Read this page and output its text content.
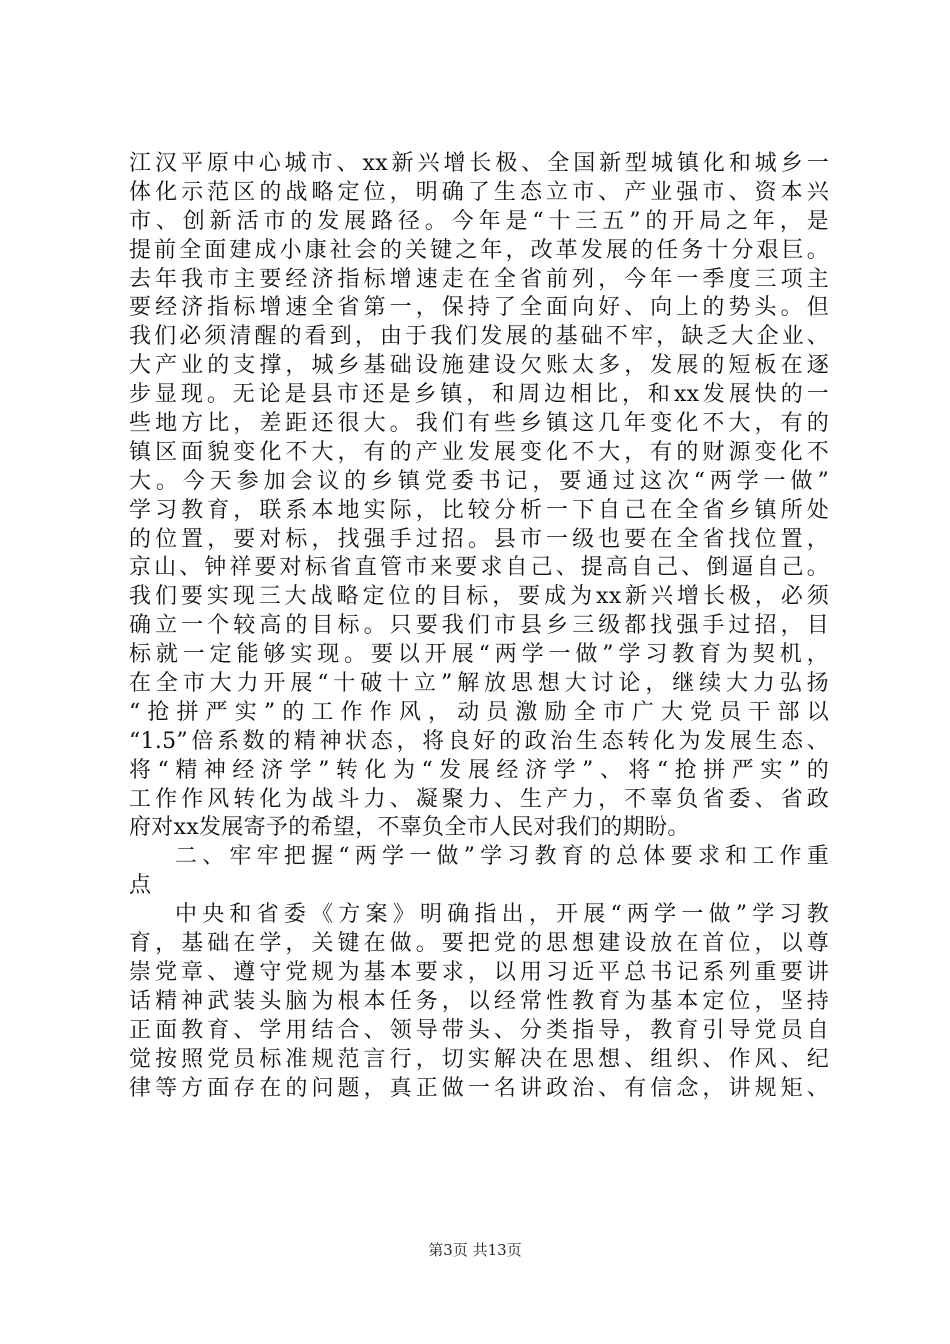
江汉平原中心城市、xx新兴增长极、全国新型城镇化和城乡一
体化示范区的战略定位，明确了生态立市、产业强市、资本兴
市、创新活市的发展路径。今年是“十三五”的开局之年，是
提前全面建成小康社会的关键之年，改革发展的任务十分艰巨。
去年我市主要经济指标增速走在全省前列，今年一季度三项主
要经济指标增速全省第一，保持了全面向好、向上的势头。但
我们必须清醒的看到，由于我们发展的基础不牢，缺乏大企业、
大产业的支撑，城乡基础设施建设欠账太多，发展的短板在逐
步显现。无论是县市还是乡镇，和周边相比，和xx发展快的一
些地方比，差距还很大。我们有些乡镇这几年变化不大，有的
镇区面貌变化不大，有的产业发展变化不大，有的财源变化不
大。今天参加会议的乡镇党委书记，要通过这次“两学一做”
学习教育，联系本地实际，比较分析一下自己在全省乡镇所处
的位置，要对标，找强手过招。县市一级也要在全省找位置，
京山、钟祥要对标省直管市来要求自己、提高自己、倒逼自己。
我们要实现三大战略定位的目标，要成为xx新兴增长极，必须
确立一个较高的目标。只要我们市县乡三级都找强手过招，目
标就一定能够实现。要以开展“两学一做”学习教育为契机，
在全市大力开展“十破十立”解放思想大讨论，继续大力弘扬
“抢拼严实”的工作作风，动员激励全市广大党员干部以
“1.5”倍系数的精神状态，将良好的政治生态转化为发展生态、
将“精神经济学”转化为“发展经济学”、将“抢拼严实”的
工作作风转化为战斗力、凝聚力、生产力，不辜负省委、省政
府对xx发展寄予的希望，不辜负全市人民对我们的期盼。
二、牢牢把握“两学一做”学习教育的总体要求和工作重
点
中央和省委《方案》明确指出，开展“两学一做”学习教
育，基础在学，关键在做。要把党的思想建设放在首位，以尊
崇党章、遵守党规为基本要求，以用习近平总书记系列重要讲
话精神武装头脑为根本任务，以经常性教育为基本定位，坚持
正面教育、学用结合、领导带头、分类指导，教育引导党员自
觉按照党员标准规范言行，切实解决在思想、组织、作风、纪
律等方面存在的问题，真正做一名讲政治、有信念，讲规矩、
第3页 共13页
